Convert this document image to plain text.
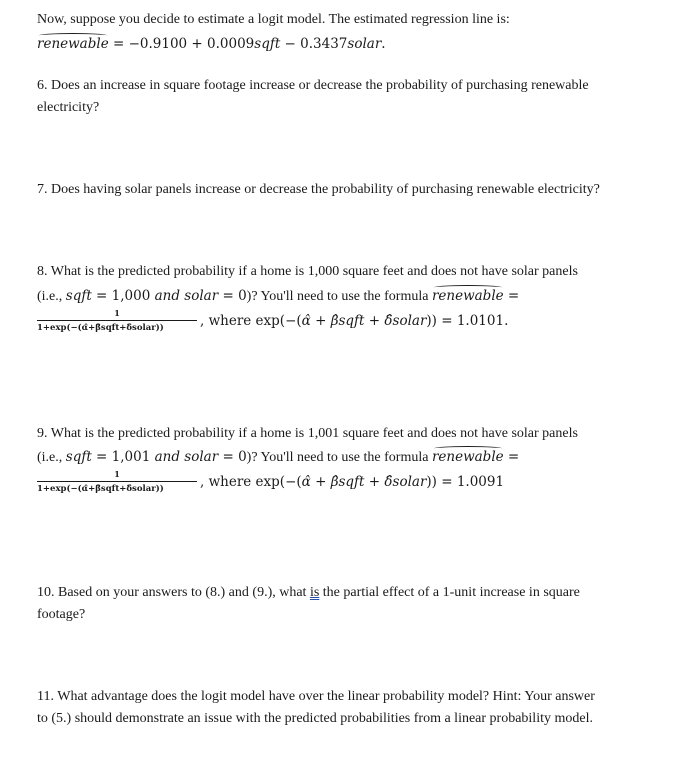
Now, suppose you decide to estimate a logit model. The estimated regression line is:
renewable = −0.9100 + 0.0009sqft − 0.3437solar.
6. Does an increase in square footage increase or decrease the probability of purchasing renewable
electricity?
7. Does having solar panels increase or decrease the probability of purchasing renewable electricity?
8. What is the predicted probability if a home is 1,000 square feet and does not have solar panels
(i.e., sqft = 1,000 and solar = 0)? You'll need to use the formula renewable =
1
1+exp(−(α̂+β̂sqft+δ̂solar))	, where exp(−(α̂ + β̂sqft + δ̂solar)) = 1.0101.
9. What is the predicted probability if a home is 1,001 square feet and does not have solar panels
(i.e., sqft = 1,001 and solar = 0)? You'll need to use the formula renewable =
1
1+exp(−(α̂+β̂sqft+δ̂solar))	, where exp(−(α̂ + β̂sqft + δ̂solar)) = 1.0091
10. Based on your answers to (8.) and (9.), what is the partial effect of a 1-unit increase in square
footage?
11. What advantage does the logit model have over the linear probability model? Hint: Your answer
to (5.) should demonstrate an issue with the predicted probabilities from a linear probability model.
